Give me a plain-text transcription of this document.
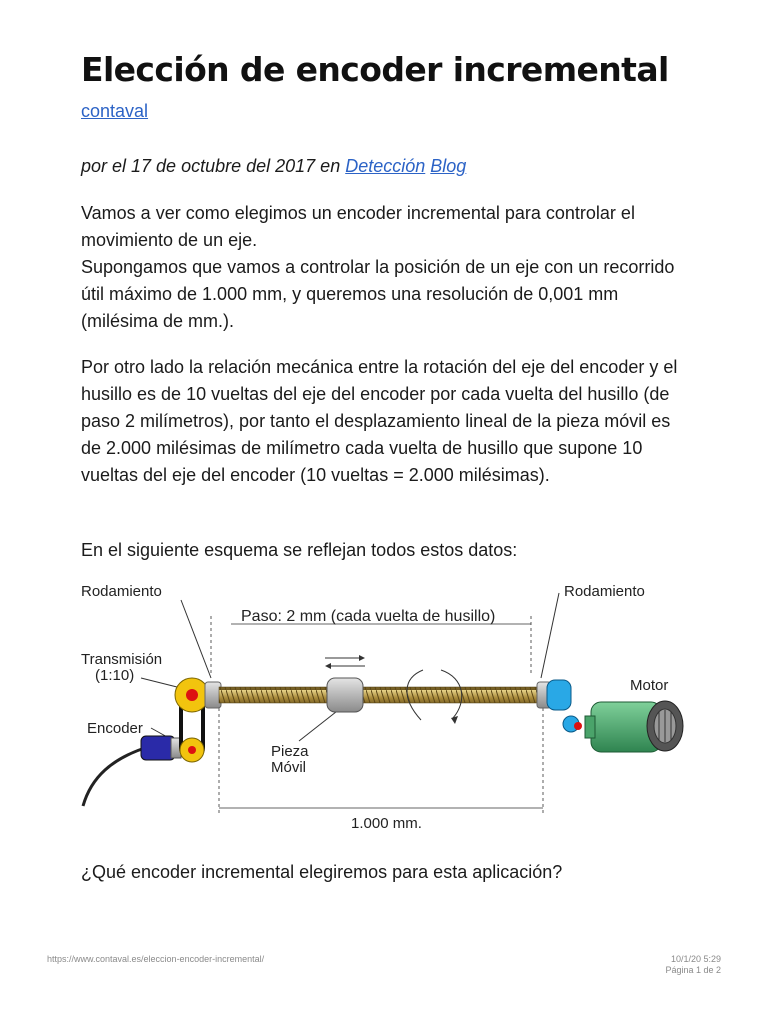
Elección de encoder incremental
contaval
por el 17 de octubre del 2017 en Detección Blog
Vamos a ver como elegimos un encoder incremental para controlar el movimiento de un eje.
Supongamos que vamos a controlar la posición de un eje con un recorrido útil máximo de 1.000 mm, y queremos una resolución de 0,001 mm (milésima de mm.).
Por otro lado la relación mecánica entre la rotación del eje del encoder y el husillo es de 10 vueltas del eje del encoder por cada vuelta del husillo (de paso 2 milímetros), por tanto el desplazamiento lineal de la pieza móvil es de 2.000 milésimas de milímetro cada vuelta de husillo que supone 10 vueltas del eje del encoder (10 vueltas = 2.000 milésimas).
En el siguiente esquema se reflejan todos estos datos:
¿Qué encoder incremental elegiremos para esta aplicación?
Rodamiento	Rodamiento
Paso: 2 mm (cada vuelta de husillo)
Transmisión
(1:10)
Encoder
Pieza
Móvil
Motor
1.000 mm.
https://www.contaval.es/eleccion-encoder-incremental/	10/1/20 5:29
Página 1 de 2
